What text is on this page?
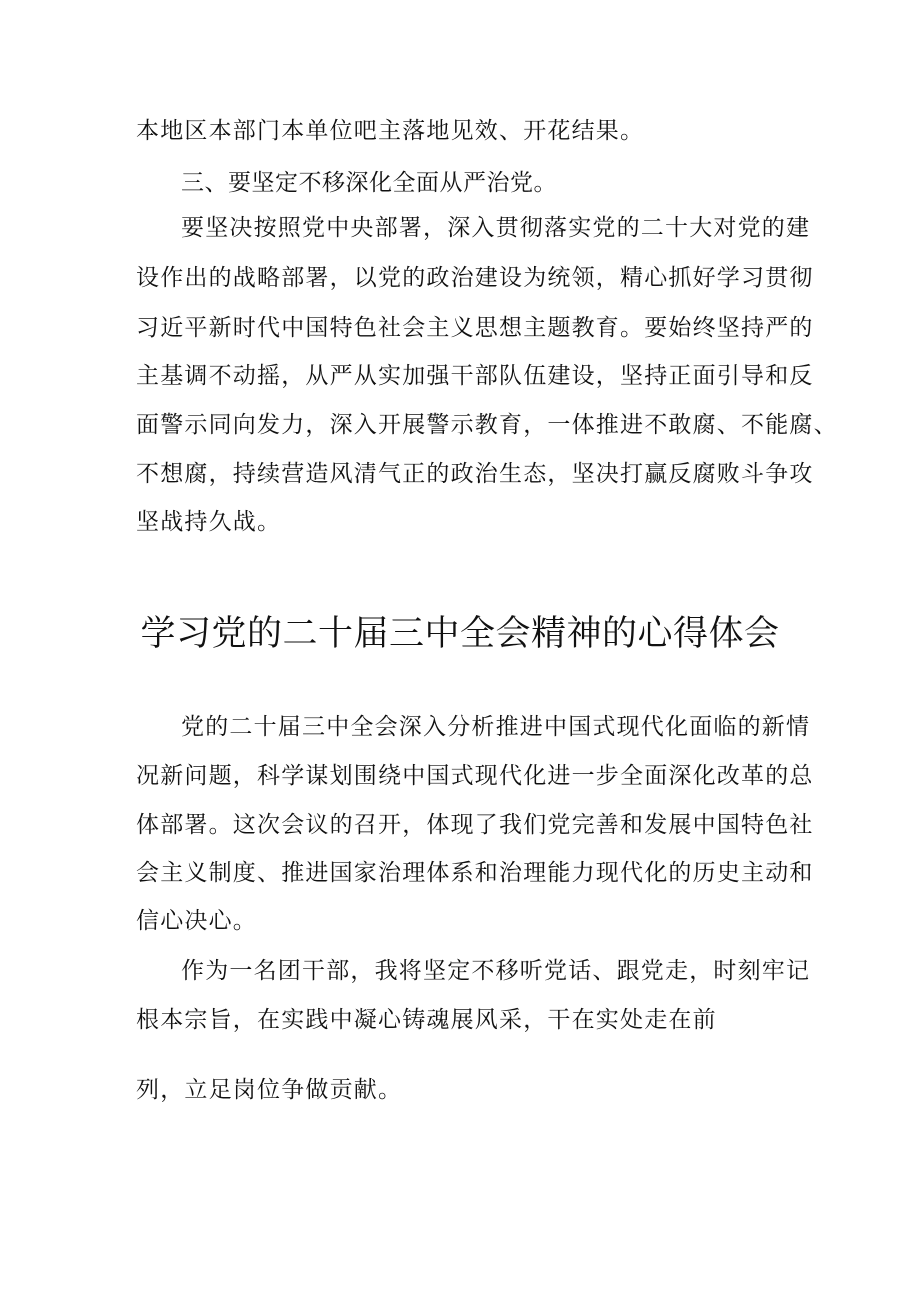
本地区本部门本单位吧主落地见效、开花结果。
三、要坚定不移深化全面从严治党。
要坚决按照党中央部署，深入贯彻落实党的二十大对党的建
设作出的战略部署，以党的政治建设为统领，精心抓好学习贯彻
习近平新时代中国特色社会主义思想主题教育。要始终坚持严的
主基调不动摇，从严从实加强干部队伍建设，坚持正面引导和反
面警示同向发力，深入开展警示教育，一体推进不敢腐、不能腐、
不想腐，持续营造风清气正的政治生态，坚决打赢反腐败斗争攻
坚战持久战。
学习党的二十届三中全会精神的心得体会
党的二十届三中全会深入分析推进中国式现代化面临的新情
况新问题，科学谋划围绕中国式现代化进一步全面深化改革的总
体部署。这次会议的召开，体现了我们党完善和发展中国特色社
会主义制度、推进国家治理体系和治理能力现代化的历史主动和
信心决心。
作为一名团干部，我将坚定不移听党话、跟党走，时刻牢记
根本宗旨，在实践中凝心铸魂展风采，干在实处走在前
列，立足岗位争做贡献。
